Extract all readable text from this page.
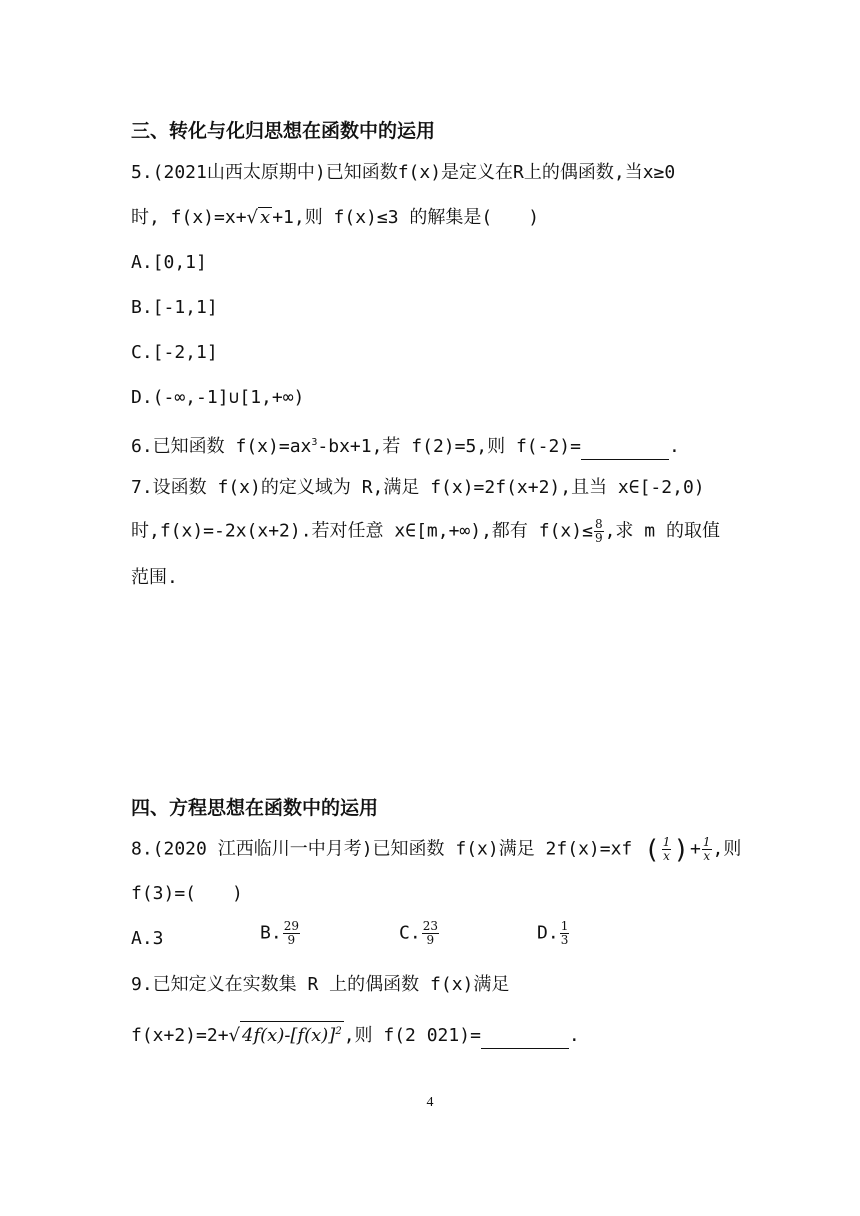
三、转化与化归思想在函数中的运用
5.(2021山西太原期中)已知函数f(x)是定义在R上的偶函数,当x≥0
时, f(x)=x+√ x +1,则 f(x)≤3 的解集是(　　)
A.[0,1]
B.[-1,1]
C.[-2,1]
D.(-∞,-1]∪[1,+∞)
6.已知函数 $f(x)=ax^3-bx+1$,若 f(2)=5,则 f(-2)=	.
7.设函数 f(x)的定义域为 R,满足 f(x)=2f(x+2),且当 x∈[-2,0)
时,f(x)=-2x(x+2).若对任意 x∈[m,+∞),都有 $f(x)\le \frac{8}{9}$ ,求 m 的取值
范围.
四、方程思想在函数中的运用
8.(2020 江西临川一中月考)已知函数 f(x)满足 2f(x)=xf ( $\frac{1}{x}$ )+ $\frac{1}{x}$ ,则
f(3)=(　　)
A.3	B. $\frac{29}{9}$	C. $\frac{23}{9}$	D. $\frac{1}{3}$
9.已知定义在实数集 R 上的偶函数 f(x)满足
f(x+2)=2+√ $4f(x)-[f(x)]^2$ ,则 f(2 021)=	.
4
